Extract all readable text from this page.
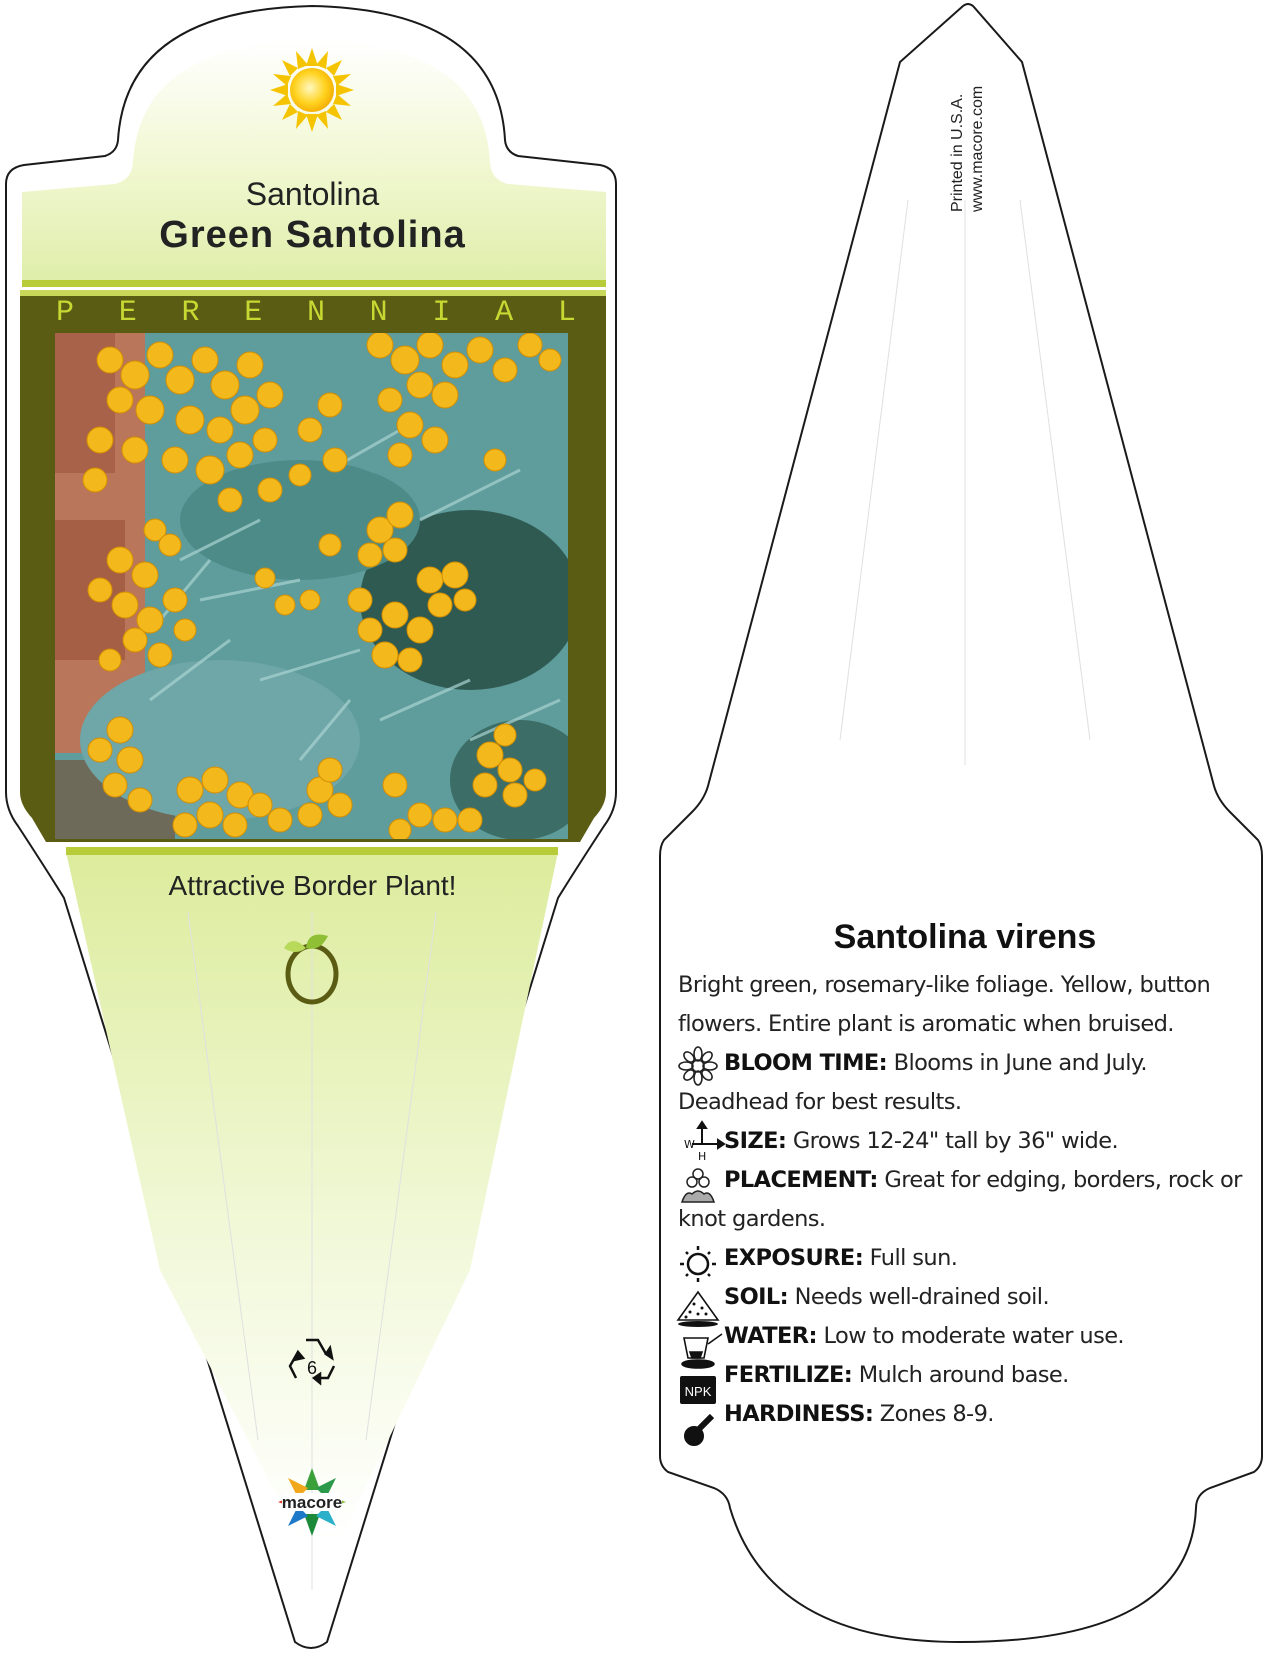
W
H
NPK
Santolina
Green Santolina
P E R E N N I A L
Attractive Border Plant!
6
macore
Printed in U.S.A. www.macore.com
Santolina virens

Bright green, rosemary-like foliage. Yellow, button flowers. Entire plant is aromatic when bruised.

BLOOM TIME: Blooms in June and July. Deadhead for best results.

SIZE: Grows 12-24" tall by 36" wide.

PLACEMENT: Great for edging, borders, rock or knot gardens.

EXPOSURE: Full sun.

SOIL: Needs well-drained soil.

WATER: Low to moderate water use.

FERTILIZE: Mulch around base.

HARDINESS: Zones 8-9.
